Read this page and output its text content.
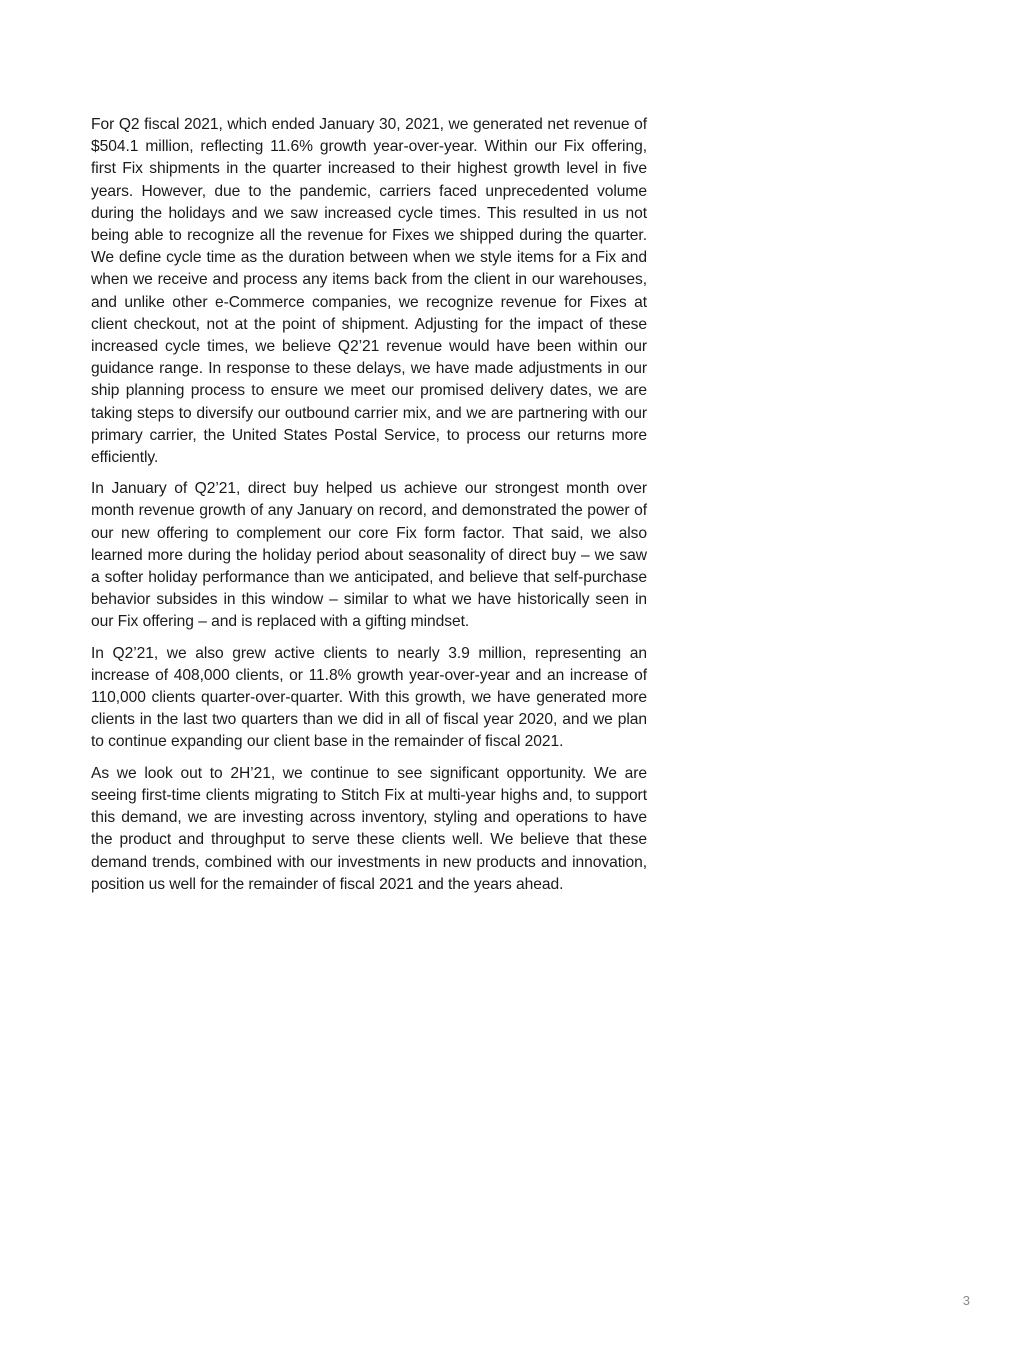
For Q2 fiscal 2021, which ended January 30, 2021, we generated net revenue of $504.1 million, reflecting 11.6% growth year-over-year. Within our Fix offering, first Fix shipments in the quarter increased to their highest growth level in five years. However, due to the pandemic, carriers faced unprecedented volume during the holidays and we saw increased cycle times. This resulted in us not being able to recognize all the revenue for Fixes we shipped during the quarter. We define cycle time as the duration between when we style items for a Fix and when we receive and process any items back from the client in our warehouses, and unlike other e-Commerce companies, we recognize revenue for Fixes at client checkout, not at the point of shipment. Adjusting for the impact of these increased cycle times, we believe Q2’21 revenue would have been within our guidance range. In response to these delays, we have made adjustments in our ship planning process to ensure we meet our promised delivery dates, we are taking steps to diversify our outbound carrier mix, and we are partnering with our primary carrier, the United States Postal Service, to process our returns more efficiently.

In January of Q2’21, direct buy helped us achieve our strongest month over month revenue growth of any January on record, and demonstrated the power of our new offering to complement our core Fix form factor. That said, we also learned more during the holiday period about seasonality of direct buy – we saw a softer holiday performance than we anticipated, and believe that self-purchase behavior subsides in this window – similar to what we have historically seen in our Fix offering – and is replaced with a gifting mindset.

In Q2’21, we also grew active clients to nearly 3.9 million, representing an increase of 408,000 clients, or 11.8% growth year-over-year and an increase of 110,000 clients quarter-over-quarter. With this growth, we have generated more clients in the last two quarters than we did in all of fiscal year 2020, and we plan to continue expanding our client base in the remainder of fiscal 2021.

As we look out to 2H’21, we continue to see significant opportunity. We are seeing first-time clients migrating to Stitch Fix at multi-year highs and, to support this demand, we are investing across inventory, styling and operations to have the product and throughput to serve these clients well. We believe that these demand trends, combined with our investments in new products and innovation, position us well for the remainder of fiscal 2021 and the years ahead.

3
